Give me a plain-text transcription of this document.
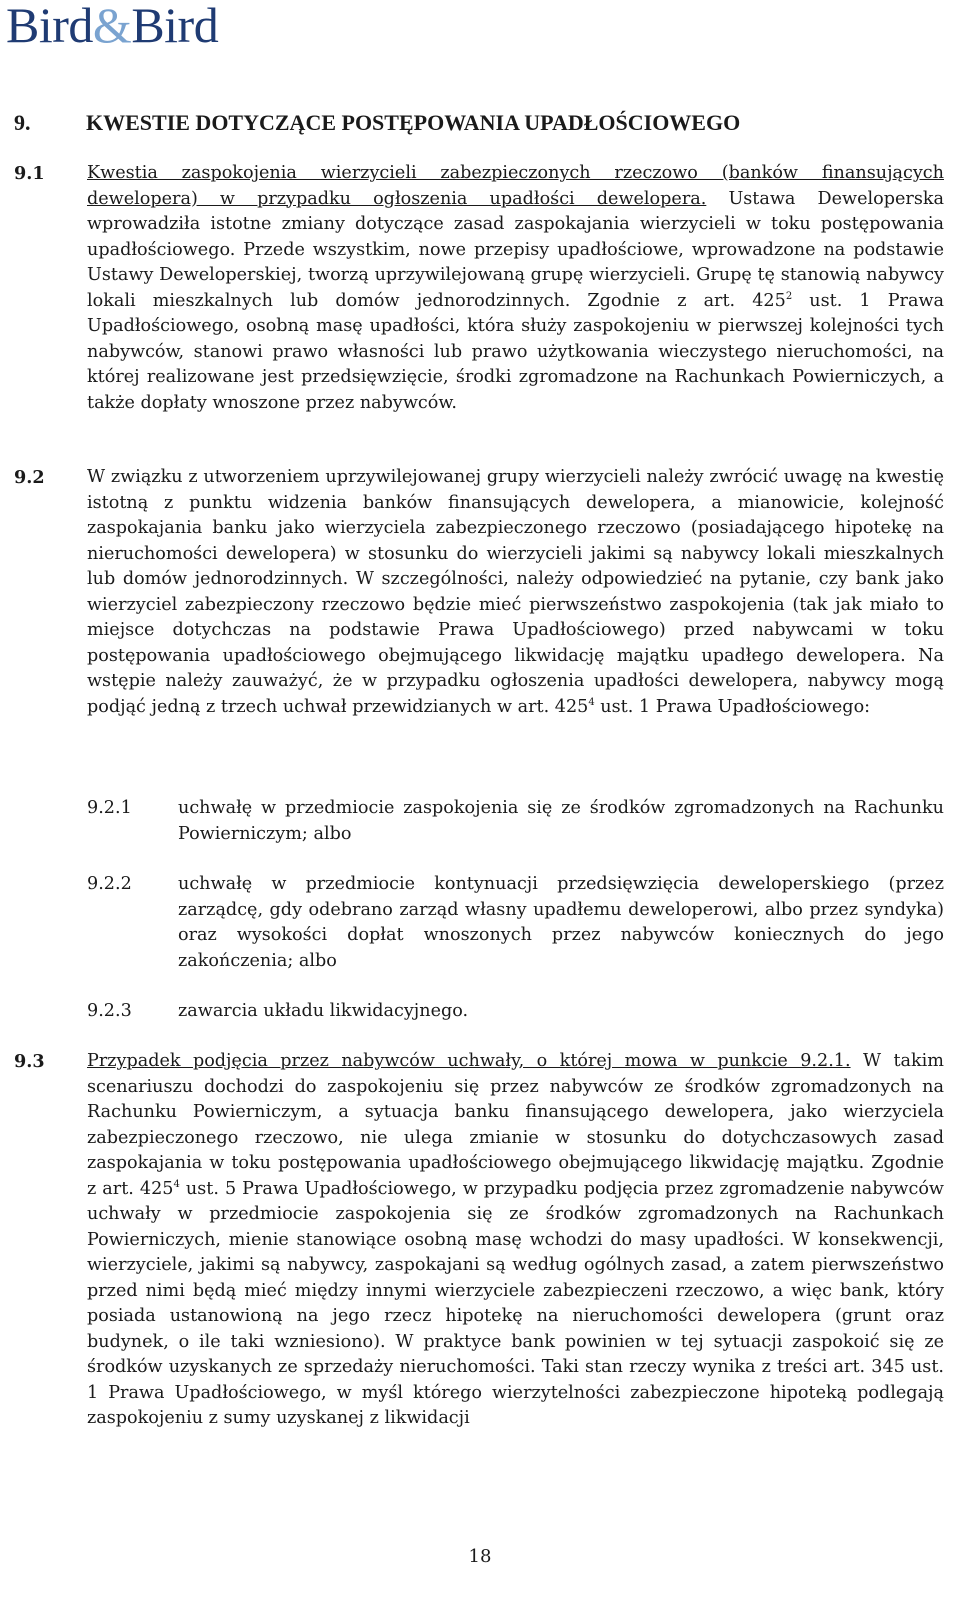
Bird&Bird
9.	KWESTIE DOTYCZĄCE POSTĘPOWANIA UPADŁOŚCIOWEGO
9.1 Kwestia zaspokojenia wierzycieli zabezpieczonych rzeczowo (banków finansujących dewelopera) w przypadku ogłoszenia upadłości dewelopera. Ustawa Deweloperska wprowadziła istotne zmiany dotyczące zasad zaspokajania wierzycieli w toku postępowania upadłościowego. Przede wszystkim, nowe przepisy upadłościowe, wprowadzone na podstawie Ustawy Deweloperskiej, tworzą uprzywilejowaną grupę wierzycieli. Grupę tę stanowią nabywcy lokali mieszkalnych lub domów jednorodzinnych. Zgodnie z art. $425^2$ ust. 1 Prawa Upadłościowego, osobną masę upadłości, która służy zaspokojeniu w pierwszej kolejności tych nabywców, stanowi prawo własności lub prawo użytkowania wieczystego nieruchomości, na której realizowane jest przedsięwzięcie, środki zgromadzone na Rachunkach Powierniczych, a także dopłaty wnoszone przez nabywców.
9.2 W związku z utworzeniem uprzywilejowanej grupy wierzycieli należy zwrócić uwagę na kwestię istotną z punktu widzenia banków finansujących dewelopera, a mianowicie, kolejność zaspokajania banku jako wierzyciela zabezpieczonego rzeczowo (posiadającego hipotekę na nieruchomości dewelopera) w stosunku do wierzycieli jakimi są nabywcy lokali mieszkalnych lub domów jednorodzinnych. W szczególności, należy odpowiedzieć na pytanie, czy bank jako wierzyciel zabezpieczony rzeczowo będzie mieć pierwszeństwo zaspokojenia (tak jak miało to miejsce dotychczas na podstawie Prawa Upadłościowego) przed nabywcami w toku postępowania upadłościowego obejmującego likwidację majątku upadłego dewelopera. Na wstępie należy zauważyć, że w przypadku ogłoszenia upadłości dewelopera, nabywcy mogą podjąć jedną z trzech uchwał przewidzianych w art. $425^4$ ust. 1 Prawa Upadłościowego:
9.2.1	uchwałę w przedmiocie zaspokojenia się ze środków zgromadzonych na Rachunku Powierniczym; albo
9.2.2	uchwałę w przedmiocie kontynuacji przedsięwzięcia deweloperskiego (przez zarządcę, gdy odebrano zarząd własny upadłemu deweloperowi, albo przez syndyka) oraz wysokości dopłat wnoszonych przez nabywców koniecznych do jego zakończenia; albo
9.2.3	zawarcia układu likwidacyjnego.
9.3 Przypadek podjęcia przez nabywców uchwały, o której mowa w punkcie 9.2.1. W takim scenariuszu dochodzi do zaspokojeniu się przez nabywców ze środków zgromadzonych na Rachunku Powierniczym, a sytuacja banku finansującego dewelopera, jako wierzyciela zabezpieczonego rzeczowo, nie ulega zmianie w stosunku do dotychczasowych zasad zaspokajania w toku postępowania upadłościowego obejmującego likwidację majątku. Zgodnie z art. $425^4$ ust. 5 Prawa Upadłościowego, w przypadku podjęcia przez zgromadzenie nabywców uchwały w przedmiocie zaspokojenia się ze środków zgromadzonych na Rachunkach Powierniczych, mienie stanowiące osobną masę wchodzi do masy upadłości. W konsekwencji, wierzyciele, jakimi są nabywcy, zaspokajani są według ogólnych zasad, a zatem pierwszeństwo przed nimi będą mieć między innymi wierzyciele zabezpieczeni rzeczowo, a więc bank, który posiada ustanowioną na jego rzecz hipotekę na nieruchomości dewelopera (grunt oraz budynek, o ile taki wzniesiono). W praktyce bank powinien w tej sytuacji zaspokoić się ze środków uzyskanych ze sprzedaży nieruchomości. Taki stan rzeczy wynika z treści art. 345 ust. 1 Prawa Upadłościowego, w myśl którego wierzytelności zabezpieczone hipoteką podlegają zaspokojeniu z sumy uzyskanej z likwidacji
18
